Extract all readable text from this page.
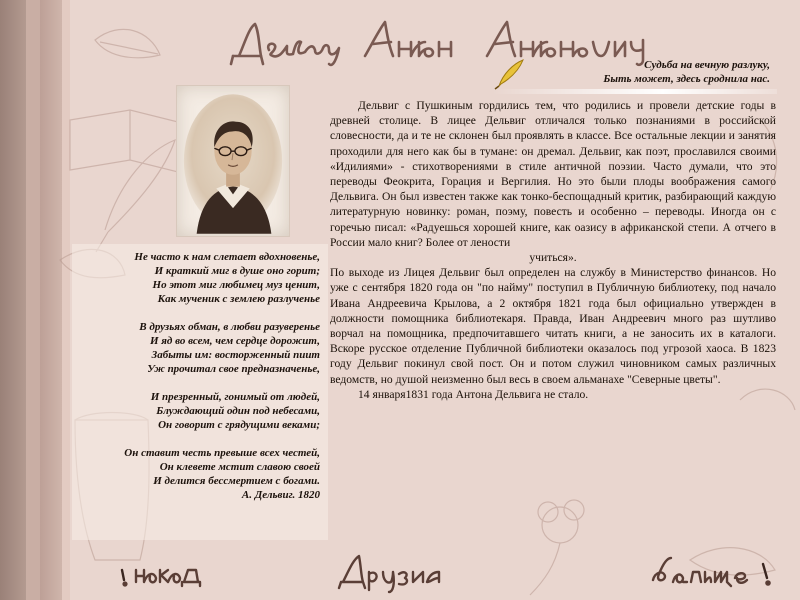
Судьба на вечную разлуку,
Быть может, здесь сроднила нас.
Не часто к нам слетает вдохновенье,
И краткий миг в душе оно горит;
Но этот миг любимец муз ценит,
Как мученик с землею разлученье
В друзьях обман, в любви разуверенье
И яд во всем, чем сердце дорожит,
Забыты им: восторженный пиит
Уж прочитал свое предназначенье,
И презренный, гонимый от людей,
Блуждающий один под небесами,
Он говорит с грядущими веками;
Он ставит честь превыше всех честей,
Он клевете мстит славою своей
И делится бессмертием с богами.
А. Дельвиг. 1820

Дельвиг с Пушкиным гордились тем, что родились и провели детские годы в древней столице. В лицее Дельвиг отличался только познаниями в российской словесности, да и те не склонен был проявлять в классе. Все остальные лекции и занятия проходили для него как бы в тумане: он дремал. Дельвиг, как поэт, прославился своими «Идилиями» - стихотворениями в стиле античной поэзии. Часто думали, что это переводы Феокрита, Горация и Вергилия. Но это были плоды воображения самого Дельвига. Он был известен также как тонко-беспощадный критик, разбирающий каждую литературную новинку: роман, поэму, повесть и особенно – переводы. Иногда он с горечью писал: «Радуешься хорошей книге, как оазису в африканской степи. А отчего в России мало книг? Более от лености
учиться».

По выходе из Лицея Дельвиг был определен на службу в Министерство финансов. Но уже с сентября 1820 года он "по найму" поступил в Публичную библиотеку, под начало Ивана Андреевича Крылова, а 2 октября 1821 года был официально утвержден в должности помощника библиотекаря. Правда, Иван Андреевич много раз шутливо ворчал на помощника, предпочитавшего читать книги, а не заносить их в каталоги. Вскоре русское отделение Публичной библиотеки оказалось под угрозой хаоса. В 1823 году Дельвиг покинул свой пост. Он и потом служил чиновником самых различных ведомств, но душой неизменно был весь в своем альманахе "Северные цветы".

14 января1831 года Антона Дельвига не стало.
